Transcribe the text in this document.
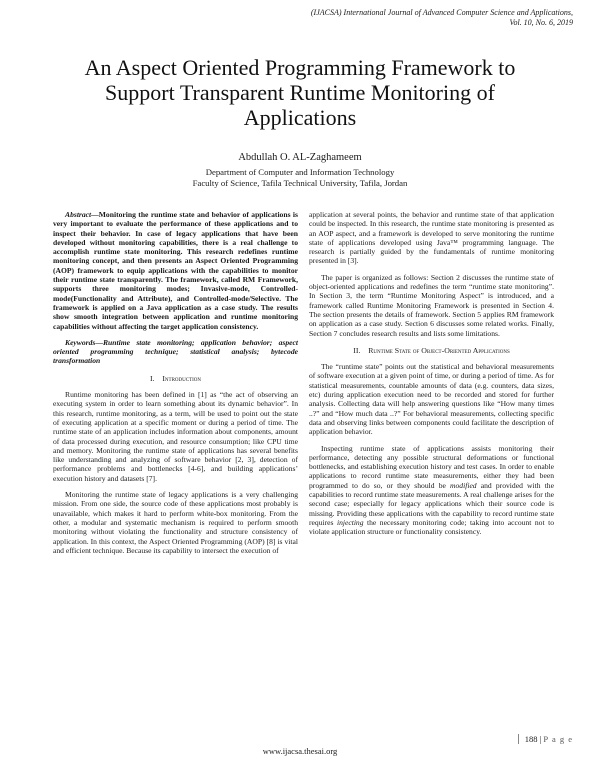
(IJACSA) International Journal of Advanced Computer Science and Applications,
Vol. 10, No. 6, 2019
An Aspect Oriented Programming Framework to
Support Transparent Runtime Monitoring of
Applications
Abdullah O. AL-Zaghameem
Department of Computer and Information Technology
Faculty of Science, Tafila Technical University, Tafila, Jordan

Abstract—Monitoring the runtime state and behavior of applications is very important to evaluate the performance of these applications and to inspect their behavior. In case of legacy applications that have been developed without monitoring capabilities, there is a real challenge to accomplish runtime state monitoring. This research redefines runtime monitoring concept, and then presents an Aspect Oriented Programming (AOP) framework to equip applications with the capabilities to monitor their runtime state transparently. The framework, called RM Framework, supports three monitoring modes; Invasive-mode, Controlled-mode(Functionality and Attribute), and Controlled-mode/Selective. The framework is applied on a Java application as a case study. The results show smooth integration between application and runtime monitoring capabilities without affecting the target application consistency.

Keywords—Runtime state monitoring; application behavior; aspect oriented programming technique; statistical analysis; bytecode transformation

I. Introduction

Runtime monitoring has been defined in [1] as “the act of observing an executing system in order to learn something about its dynamic behavior”. In this research, runtime monitoring, as a term, will be used to point out the state of executing application at a specific moment or during a period of time. The runtime state of an application includes information about components, amount of data processed during execution, and resource consumption; like CPU time and memory. Monitoring the runtime state of applications has several benefits like understanding and analyzing of software behavior [2, 3], detection of performance problems and bottlenecks [4-6], and building applications’ execution history and datasets [7].

Monitoring the runtime state of legacy applications is a very challenging mission. From one side, the source code of these applications most probably is unavailable, which makes it hard to perform white-box monitoring. From the other, a modular and systematic mechanism is required to perform smooth monitoring without violating the functionality and structure consistency of application. In this context, the Aspect Oriented Programming (AOP) [8] is vital and efficient technique. Because its capability to intersect the execution of

application at several points, the behavior and runtime state of that application could be inspected. In this research, the runtime state monitoring is presented as an AOP aspect, and a framework is developed to serve monitoring the runtime state of applications developed using Java™ programming language. The research is partially guided by the fundamentals of runtime monitoring presented in [3].

The paper is organized as follows: Section 2 discusses the runtime state of object-oriented applications and redefines the term “runtime state monitoring”. In Section 3, the term “Runtime Monitoring Aspect” is introduced, and a framework called Runtime Monitoring Framework is presented in Section 4. The section presents the details of framework. Section 5 applies RM framework on application as a case study. Section 6 discusses some related works. Finally, Section 7 concludes research results and lists some limitations.

II. Runtime State of Object-Oriented Applications

The “runtime state” points out the statistical and behavioral measurements of software execution at a given point of time, or during a period of time. As for statistical measurements, countable amounts of data (e.g. counters, data sizes, etc) during application execution need to be recorded and stored for further analysis. Collecting data will help answering questions like “How many times ..?” and “How much data ..?” For behavioral measurements, collecting specific data and observing links between components could facilitate the description of application behavior.

Inspecting runtime state of applications assists monitoring their performance, detecting any possible structural deformations or functional bottlenecks, and establishing execution history and test cases. In order to enable applications to record runtime state measurements, either they had been programmed to do so, or they should be modified and provided with the capabilities to record runtime state measurements. A real challenge arises for the second case; especially for legacy applications which their source code is missing. Providing these applications with the capability to record runtime state requires injecting the necessary monitoring code; taking into account not to violate application structure or functionality consistency.

188 | P a g e
www.ijacsa.thesai.org
